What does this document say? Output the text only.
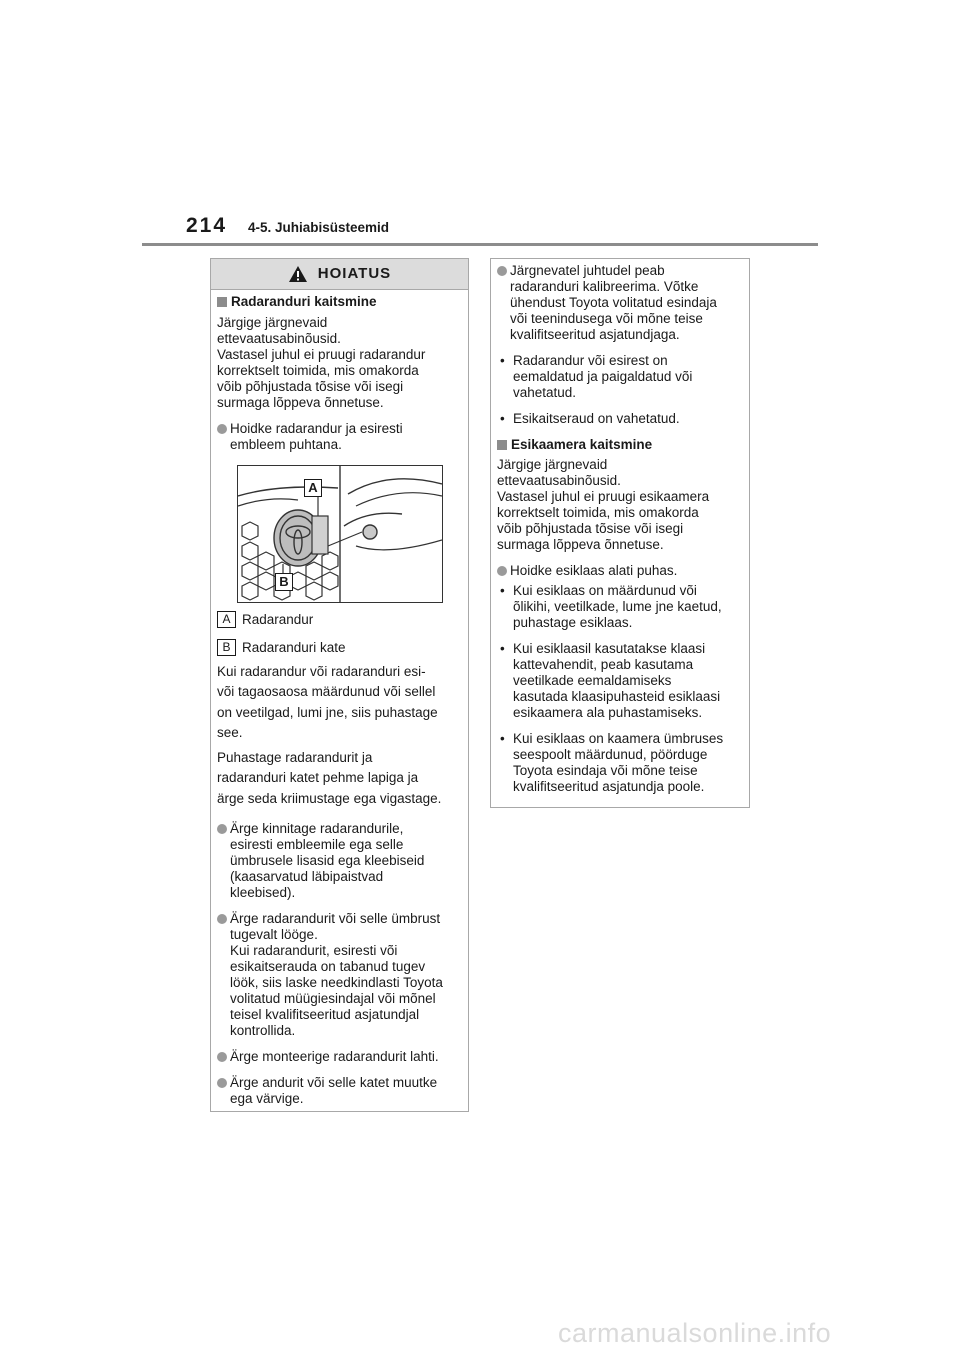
214 4-5. Juhiabisüsteemid
HOIATUS
Radaranduri kaitsmine
Järgige järgnevaid
ettevaatusabinõusid.
Vastasel juhul ei pruugi radarandur
korrektselt toimida, mis omakorda
võib põhjustada tõsise või isegi
surmaga lõppeva õnnetuse.
Hoidke radarandur ja esiresti
embleem puhtana.
A
B
A Radarandur
B Radaranduri kate
Kui radarandur või radaranduri esi-
või tagaosaosa määrdunud või sellel
on veetilgad, lumi jne, siis puhastage
see.
Puhastage radarandurit ja
radaranduri katet pehme lapiga ja
ärge seda kriimustage ega vigastage.
Ärge kinnitage radarandurile,
esiresti embleemile ega selle
ümbrusele lisasid ega kleebiseid
(kaasarvatud läbipaistvad
kleebised).
Ärge radarandurit või selle ümbrust
tugevalt lööge.
Kui radarandurit, esiresti või
esikaitserauda on tabanud tugev
löök, siis laske needkindlasti Toyota
volitatud müügiesindajal või mõnel
teisel kvalifitseeritud asjatundjal
kontrollida.
Ärge monteerige radarandurit lahti.
Ärge andurit või selle katet muutke
ega värvige.
Järgnevatel juhtudel peab
radaranduri kalibreerima. Võtke
ühendust Toyota volitatud esindaja
või teenindusega või mõne teise
kvalifitseeritud asjatundjaga.
• Radarandur või esirest on
eemaldatud ja paigaldatud või
vahetatud.
• Esikaitseraud on vahetatud.
Esikaamera kaitsmine
Järgige järgnevaid
ettevaatusabinõusid.
Vastasel juhul ei pruugi esikaamera
korrektselt toimida, mis omakorda
võib põhjustada tõsise või isegi
surmaga lõppeva õnnetuse.
Hoidke esiklaas alati puhas.
• Kui esiklaas on määrdunud või
õlikihi, veetilkade, lume jne kaetud,
puhastage esiklaas.
• Kui esiklaasil kasutatakse klaasi
kattevahendit, peab kasutama
veetilkade eemaldamiseks
kasutada klaasipuhasteid esiklaasi
esikaamera ala puhastamiseks.
• Kui esiklaas on kaamera ümbruses
seespoolt määrdunud, pöörduge
Toyota esindaja või mõne teise
kvalifitseeritud asjatundja poole.
carmanualsonline.info
